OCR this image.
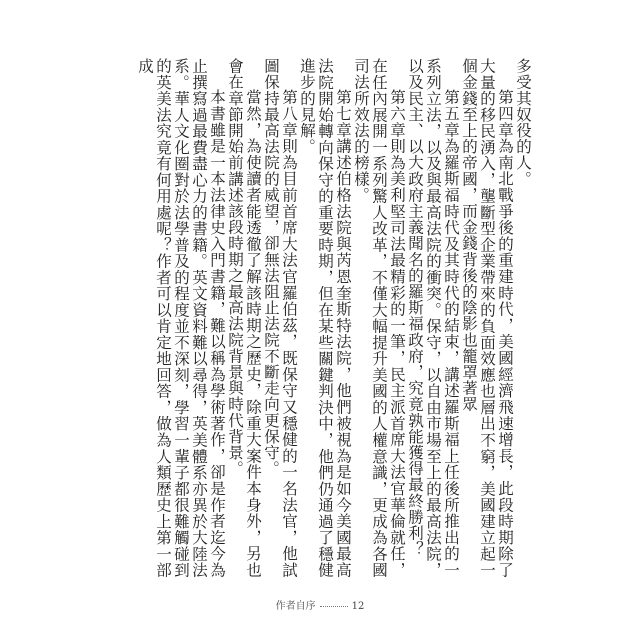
多受其奴役的人。

第四章為南北戰爭後的重建時代，美國經濟飛速增長，此段時期除了大量的移民湧入，壟斷型企業帶來的負面效應也層出不窮，美國建立起一個金錢至上的帝國，而金錢背後的陰影也籠罩著眾

第五章為羅斯福時代及其時代的結束，講述羅斯福上任後所推出的一系列立法，以及與最高法院的衝突。保守，以自由市場至上的最高法院，以及民主、以大政府主義聞名的羅斯福政府，究竟孰能獲得最終勝利？

第六章則為美利堅司法最精彩的一筆，民主派首席大法官華倫就任，在任內展開一系列驚人改革，不僅大幅提升美國的人權意識，更成為各國司法所效法的榜樣。

第七章講述伯格法院與芮恩奎斯特法院，他們被視為是如今美國最高法院開始轉向保守的重要時期，但在某些關鍵判決中，他們仍通過了穩健進步的見解。

第八章則為目前首席大法官羅伯茲，既保守又穩健的一名法官，他試圖保持最高法院的威望，卻無法阻止法院不斷走向更保守。

當然，為使讀者能透徹了解該時期之歷史，除重大案件本身外，另也會在章節開始前講述該段時期之最高法院背景與時代背景。

本書雖是一本法律史入門書籍，難以稱為學術著作，卻是作者迄今為止撰寫過最費盡心力的書籍。英文資料難以尋得，英美體系亦異於大陸法系。華人文化圈對於法學普及的程度並不深刻，學習一輩子都很難觸碰到的英美法究竟有何用處呢？作者可以肯定地回答，做為人類歷史上第一部成

作者自序	12
